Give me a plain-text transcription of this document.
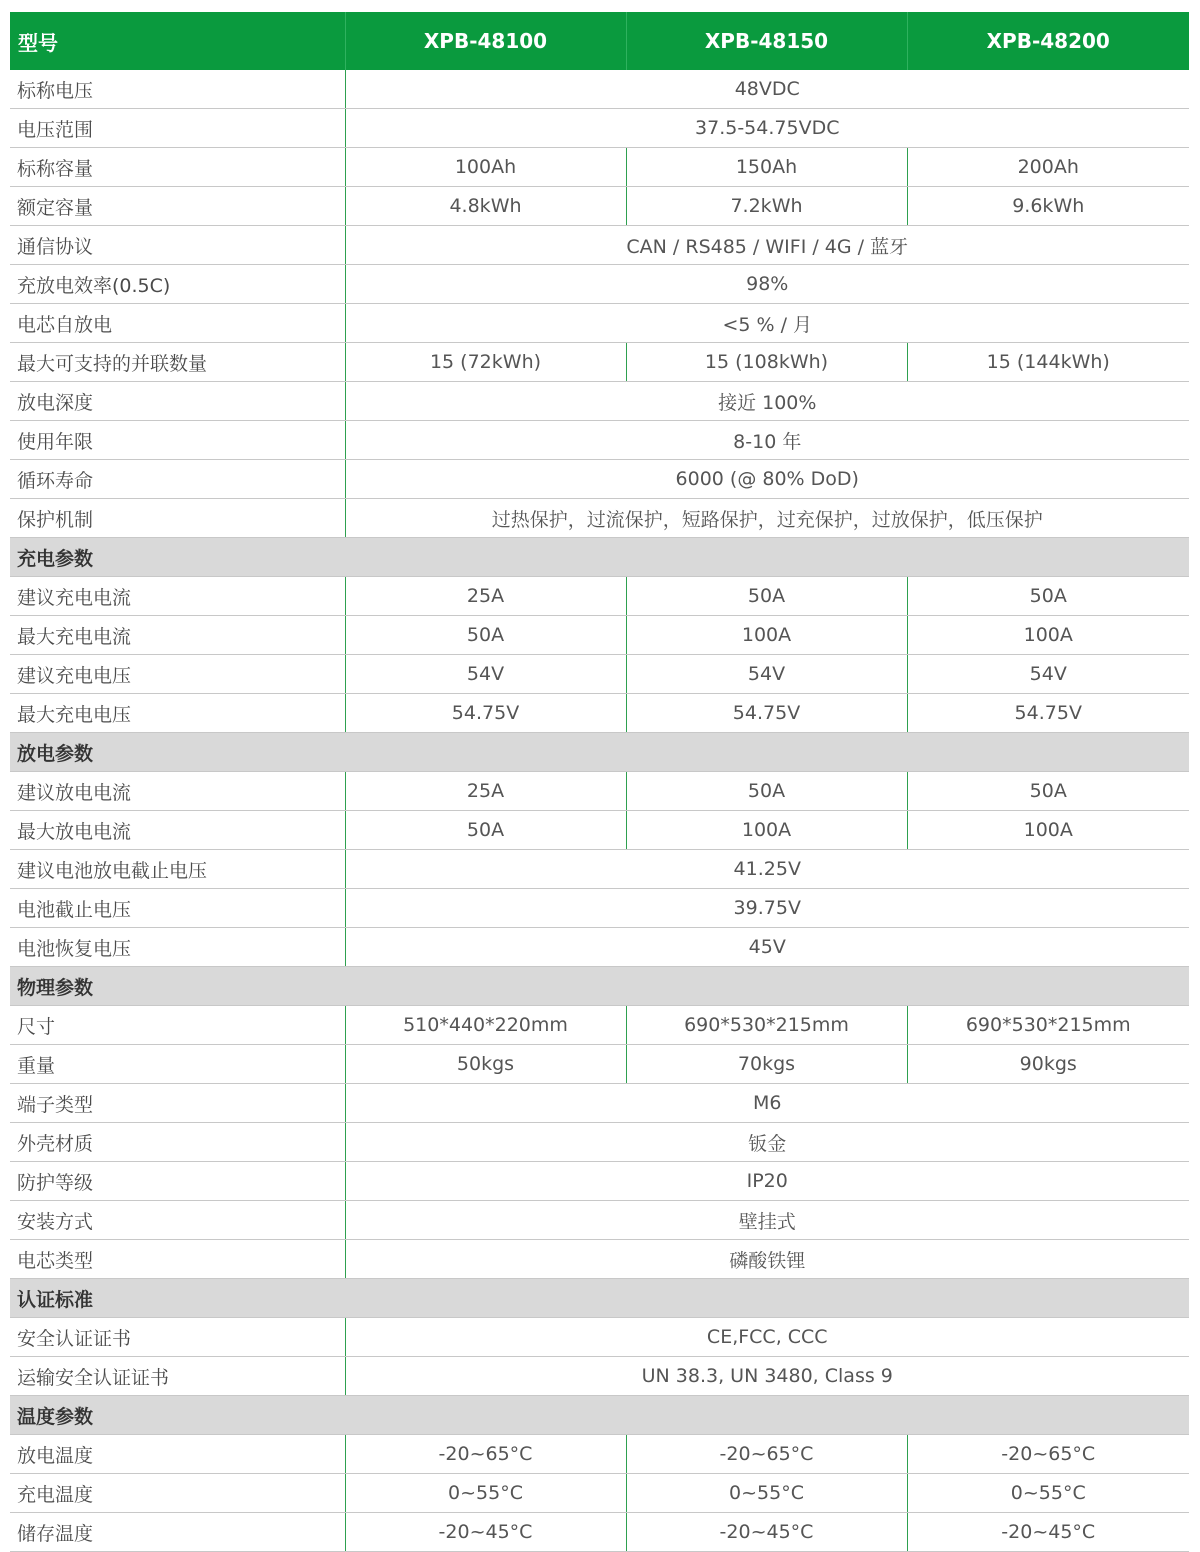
型号	XPB-48100	XPB-48150	XPB-48200
标称电压	48VDC		
电压范围	37.5-54.75VDC		
标称容量	100Ah	150Ah	200Ah
额定容量	4.8kWh	7.2kWh	9.6kWh
通信协议	CAN / RS485 / WIFI / 4G / 蓝牙		
充放电效率(0.5C)	98%		
电芯自放电	<5 % / 月		
最大可支持的并联数量	15 (72kWh)	15 (108kWh)	15 (144kWh)
放电深度	接近 100%		
使用年限	8-10 年		
循环寿命	6000 (@ 80% DoD)		
保护机制	过热保护，过流保护，短路保护，过充保护，过放保护，低压保护		
充电参数			
建议充电电流	25A	50A	50A
最大充电电流	50A	100A	100A
建议充电电压	54V	54V	54V
最大充电电压	54.75V	54.75V	54.75V
放电参数			
建议放电电流	25A	50A	50A
最大放电电流	50A	100A	100A
建议电池放电截止电压	41.25V		
电池截止电压	39.75V		
电池恢复电压	45V		
物理参数			
尺寸	510*440*220mm	690*530*215mm	690*530*215mm
重量	50kgs	70kgs	90kgs
端子类型	M6		
外壳材质	钣金		
防护等级	IP20		
安装方式	壁挂式		
电芯类型	磷酸铁锂		
认证标准			
安全认证证书	CE,FCC, CCC		
运输安全认证证书	UN 38.3, UN 3480, Class 9		
温度参数			
放电温度	-20~65°C	-20~65°C	-20~65°C
充电温度	0~55°C	0~55°C	0~55°C
储存温度	-20~45°C	-20~45°C	-20~45°C
